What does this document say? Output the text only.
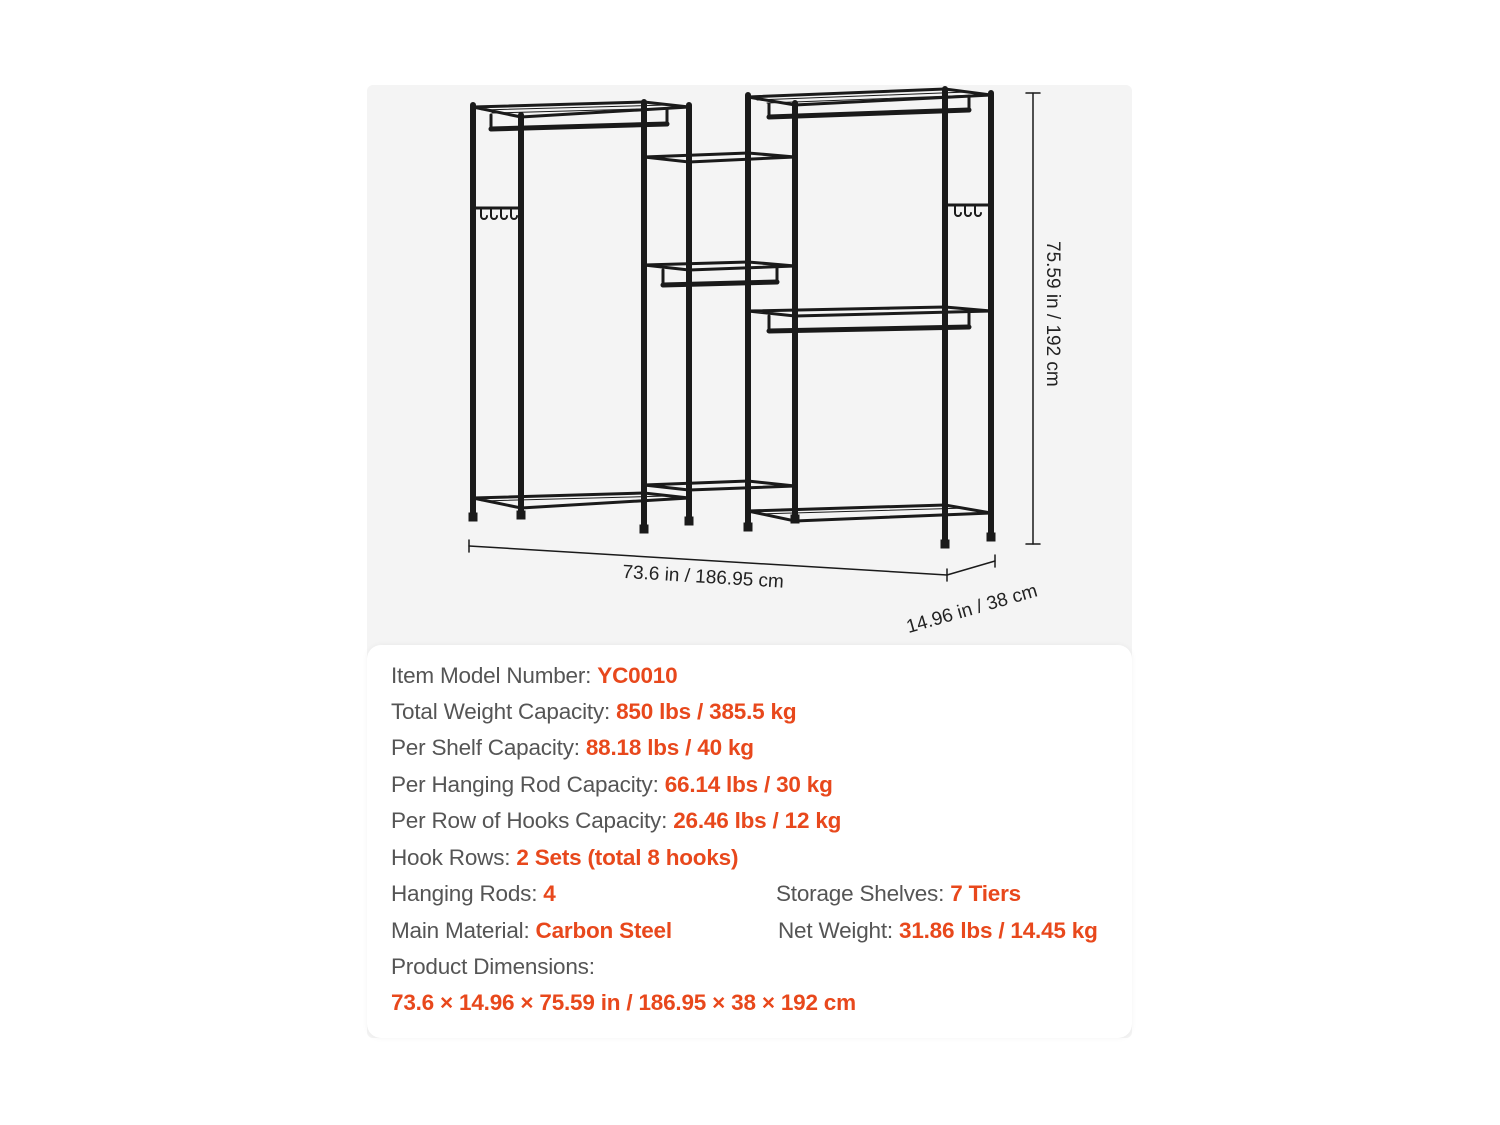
73.6 in / 186.95 cm
14.96 in / 38 cm
75.59 in / 192 cm
Item Model Number: YC0010
Total Weight Capacity: 850 lbs / 385.5 kg
Per Shelf Capacity: 88.18 lbs / 40 kg
Per Hanging Rod Capacity: 66.14 lbs / 30 kg
Per Row of Hooks Capacity: 26.46 lbs / 12 kg
Hook Rows: 2 Sets (total 8 hooks)
Hanging Rods: 4	Storage Shelves: 7 Tiers
Main Material: Carbon Steel	Net Weight: 31.86 lbs / 14.45 kg
Product Dimensions:
73.6 × 14.96 × 75.59 in / 186.95 × 38 × 192 cm
